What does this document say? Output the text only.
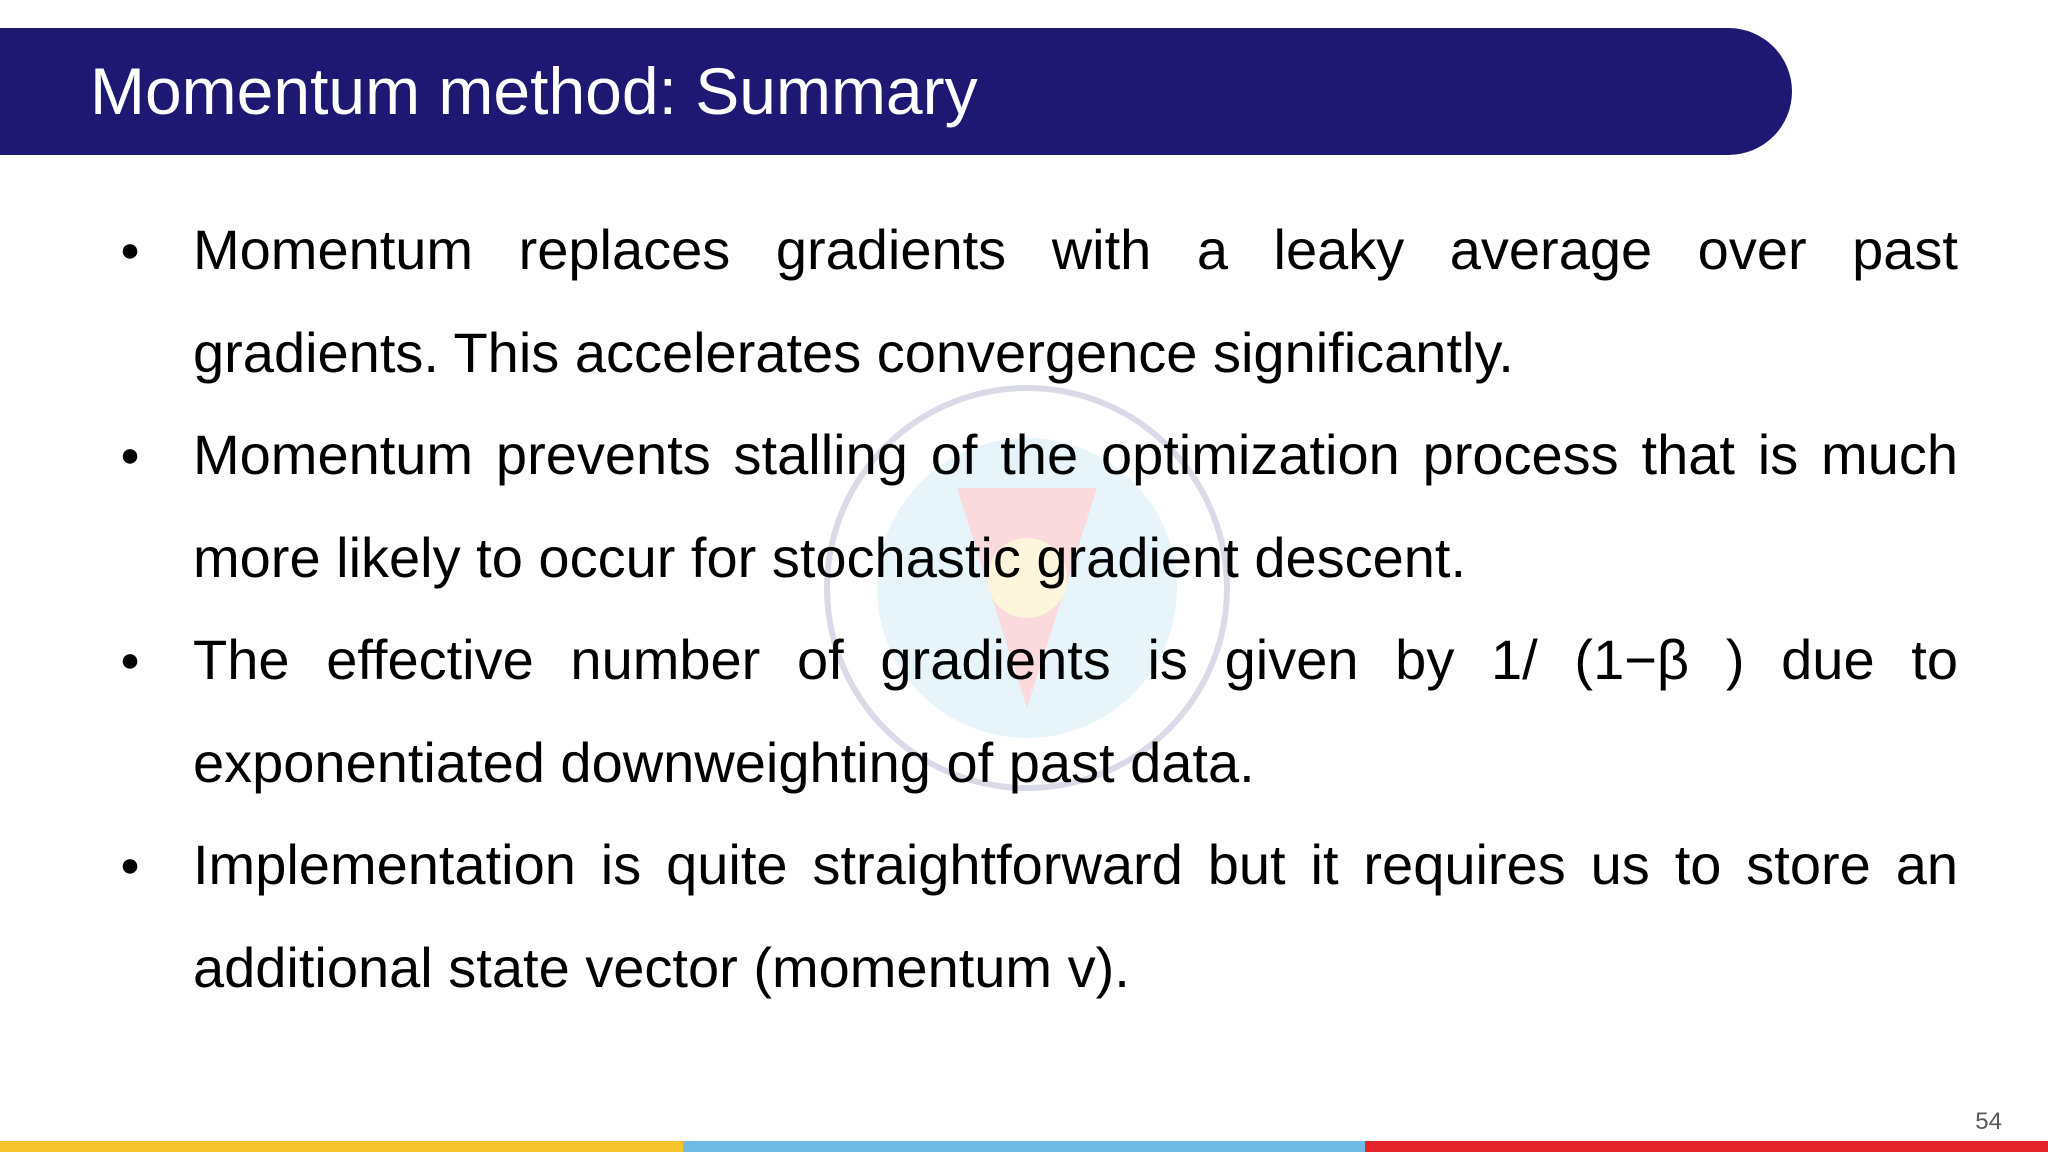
Momentum method: Summary
● Momentum replaces gradients with a leaky average over past gradients. This accelerates convergence significantly.

● Momentum prevents stalling of the optimization process that is much more likely to occur for stochastic gradient descent.

● The effective number of gradients is given by 1/ (1−β ) due to exponentiated downweighting of past data.

● Implementation is quite straightforward but it requires us to store an additional state vector (momentum v).

54
